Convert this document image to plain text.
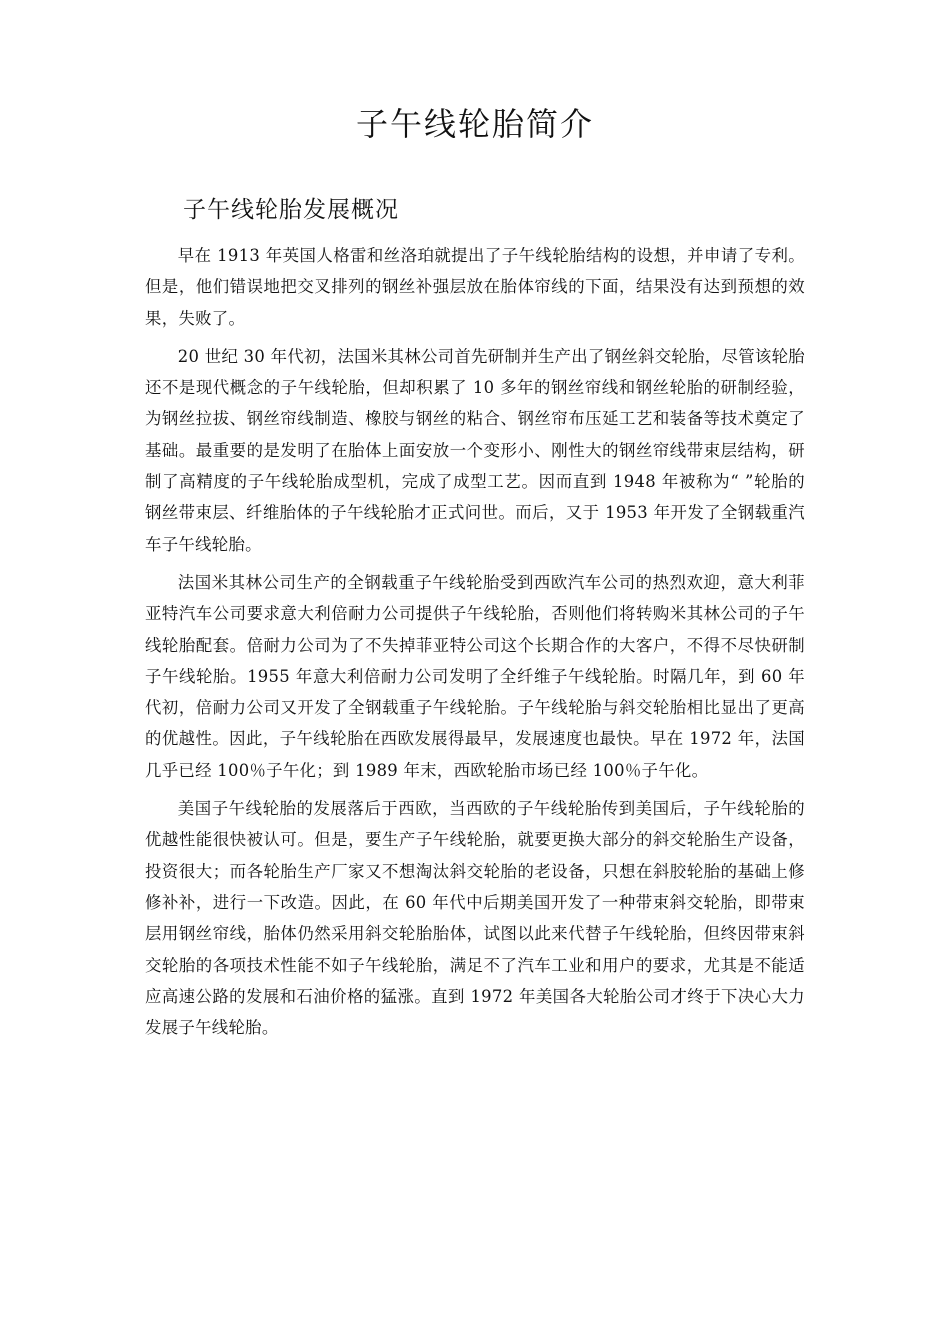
子午线轮胎简介
子午线轮胎发展概况

早在 1913 年英国人格雷和丝洛珀就提出了子午线轮胎结构的设想，并申请了专利。但是，他们错误地把交叉排列的钢丝补强层放在胎体帘线的下面，结果没有达到预想的效果，失败了。

20 世纪 30 年代初，法国米其林公司首先研制并生产出了钢丝斜交轮胎，尽管该轮胎还不是现代概念的子午线轮胎，但却积累了 10 多年的钢丝帘线和钢丝轮胎的研制经验，为钢丝拉拔、钢丝帘线制造、橡胶与钢丝的粘合、钢丝帘布压延工艺和装备等技术奠定了基础。最重要的是发明了在胎体上面安放一个变形小、刚性大的钢丝帘线带束层结构，研制了高精度的子午线轮胎成型机，完成了成型工艺。因而直到 1948 年被称为“ ”轮胎的钢丝带束层、纤维胎体的子午线轮胎才正式问世。而后，又于 1953 年开发了全钢载重汽车子午线轮胎。

法国米其林公司生产的全钢载重子午线轮胎受到西欧汽车公司的热烈欢迎，意大利菲亚特汽车公司要求意大利倍耐力公司提供子午线轮胎，否则他们将转购米其林公司的子午线轮胎配套。倍耐力公司为了不失掉菲亚特公司这个长期合作的大客户，不得不尽快研制子午线轮胎。1955 年意大利倍耐力公司发明了全纤维子午线轮胎。时隔几年，到 60 年代初，倍耐力公司又开发了全钢载重子午线轮胎。子午线轮胎与斜交轮胎相比显出了更高的优越性。因此，子午线轮胎在西欧发展得最早，发展速度也最快。早在 1972 年，法国几乎已经 100％子午化；到 1989 年末，西欧轮胎市场已经 100％子午化。

美国子午线轮胎的发展落后于西欧，当西欧的子午线轮胎传到美国后，子午线轮胎的优越性能很快被认可。但是，要生产子午线轮胎，就要更换大部分的斜交轮胎生产设备，投资很大；而各轮胎生产厂家又不想淘汰斜交轮胎的老设备，只想在斜胶轮胎的基础上修修补补，进行一下改造。因此，在 60 年代中后期美国开发了一种带束斜交轮胎，即带束层用钢丝帘线，胎体仍然采用斜交轮胎胎体，试图以此来代替子午线轮胎，但终因带束斜交轮胎的各项技术性能不如子午线轮胎，满足不了汽车工业和用户的要求，尤其是不能适应高速公路的发展和石油价格的猛涨。直到 1972 年美国各大轮胎公司才终于下决心大力发展子午线轮胎。
